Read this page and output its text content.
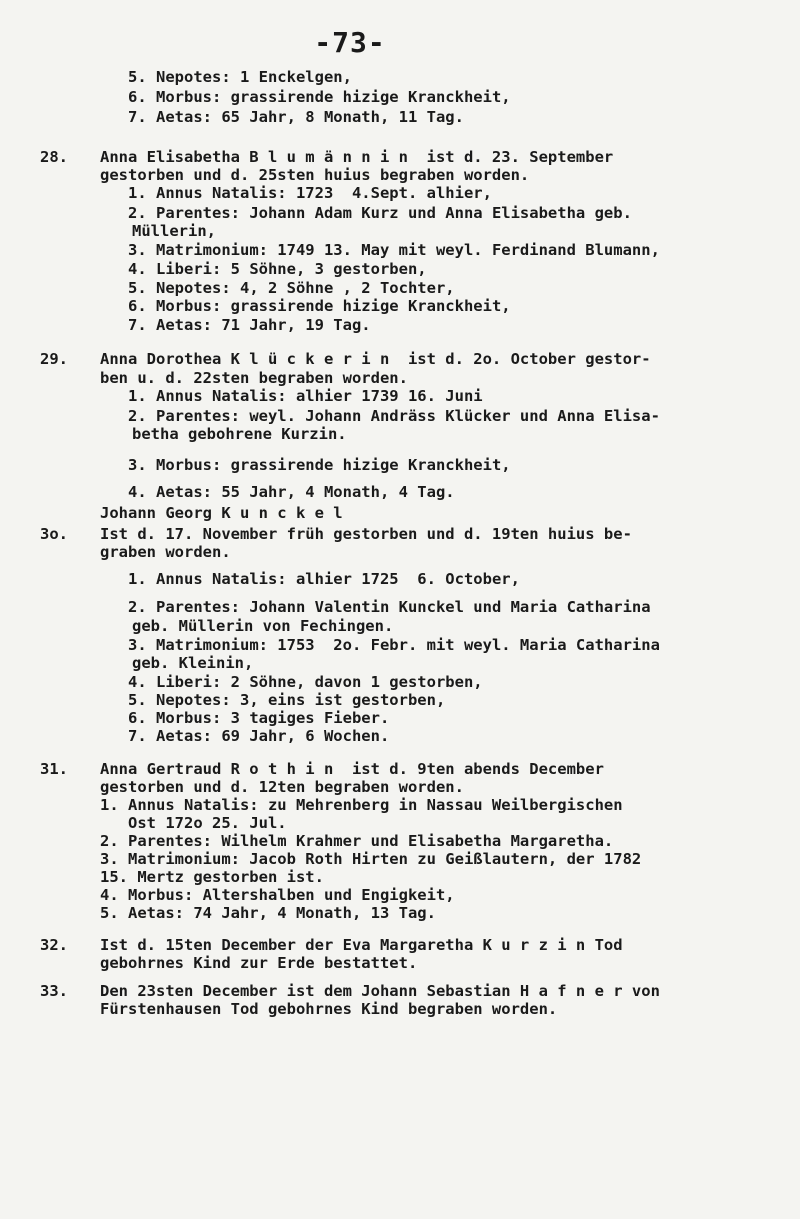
-73-
5. Nepotes: 1 Enckelgen,
6. Morbus: grassirende hizige Kranckheit,
7. Aetas: 65 Jahr, 8 Monath, 11 Tag.
28. Anna Elisabetha B l u m ä n n i n  ist d. 23. September
gestorben und d. 25sten huius begraben worden.
1. Annus Natalis: 1723  4.Sept. alhier,
2. Parentes: Johann Adam Kurz und Anna Elisabetha geb.
Müllerin,
3. Matrimonium: 1749 13. May mit weyl. Ferdinand Blumann,
4. Liberi: 5 Söhne, 3 gestorben,
5. Nepotes: 4, 2 Söhne , 2 Tochter,
6. Morbus: grassirende hizige Kranckheit,
7. Aetas: 71 Jahr, 19 Tag.
29. Anna Dorothea K l ü c k e r i n  ist d. 2o. October gestor-
ben u. d. 22sten begraben worden.
1. Annus Natalis: alhier 1739 16. Juni
2. Parentes: weyl. Johann Andräss Klücker und Anna Elisa-
betha gebohrene Kurzin.
3. Morbus: grassirende hizige Kranckheit,
4. Aetas: 55 Jahr, 4 Monath, 4 Tag.
Johann Georg K u n c k e l
3o. Ist d. 17. November früh gestorben und d. 19ten huius be-
graben worden.
1. Annus Natalis: alhier 1725  6. October,
2. Parentes: Johann Valentin Kunckel und Maria Catharina
geb. Müllerin von Fechingen.
3. Matrimonium: 1753  2o. Febr. mit weyl. Maria Catharina
geb. Kleinin,
4. Liberi: 2 Söhne, davon 1 gestorben,
5. Nepotes: 3, eins ist gestorben,
6. Morbus: 3 tagiges Fieber.
7. Aetas: 69 Jahr, 6 Wochen.
31. Anna Gertraud R o t h i n  ist d. 9ten abends December
gestorben und d. 12ten begraben worden.
1. Annus Natalis: zu Mehrenberg in Nassau Weilbergischen
Ost 172o 25. Jul.
2. Parentes: Wilhelm Krahmer und Elisabetha Margaretha.
3. Matrimonium: Jacob Roth Hirten zu Geißlautern, der 1782
15. Mertz gestorben ist.
4. Morbus: Altershalben und Engigkeit,
5. Aetas: 74 Jahr, 4 Monath, 13 Tag.
32. Ist d. 15ten December der Eva Margaretha K u r z i n Tod
gebohrnes Kind zur Erde bestattet.
33. Den 23sten December ist dem Johann Sebastian H a f n e r von
Fürstenhausen Tod gebohrnes Kind begraben worden.
